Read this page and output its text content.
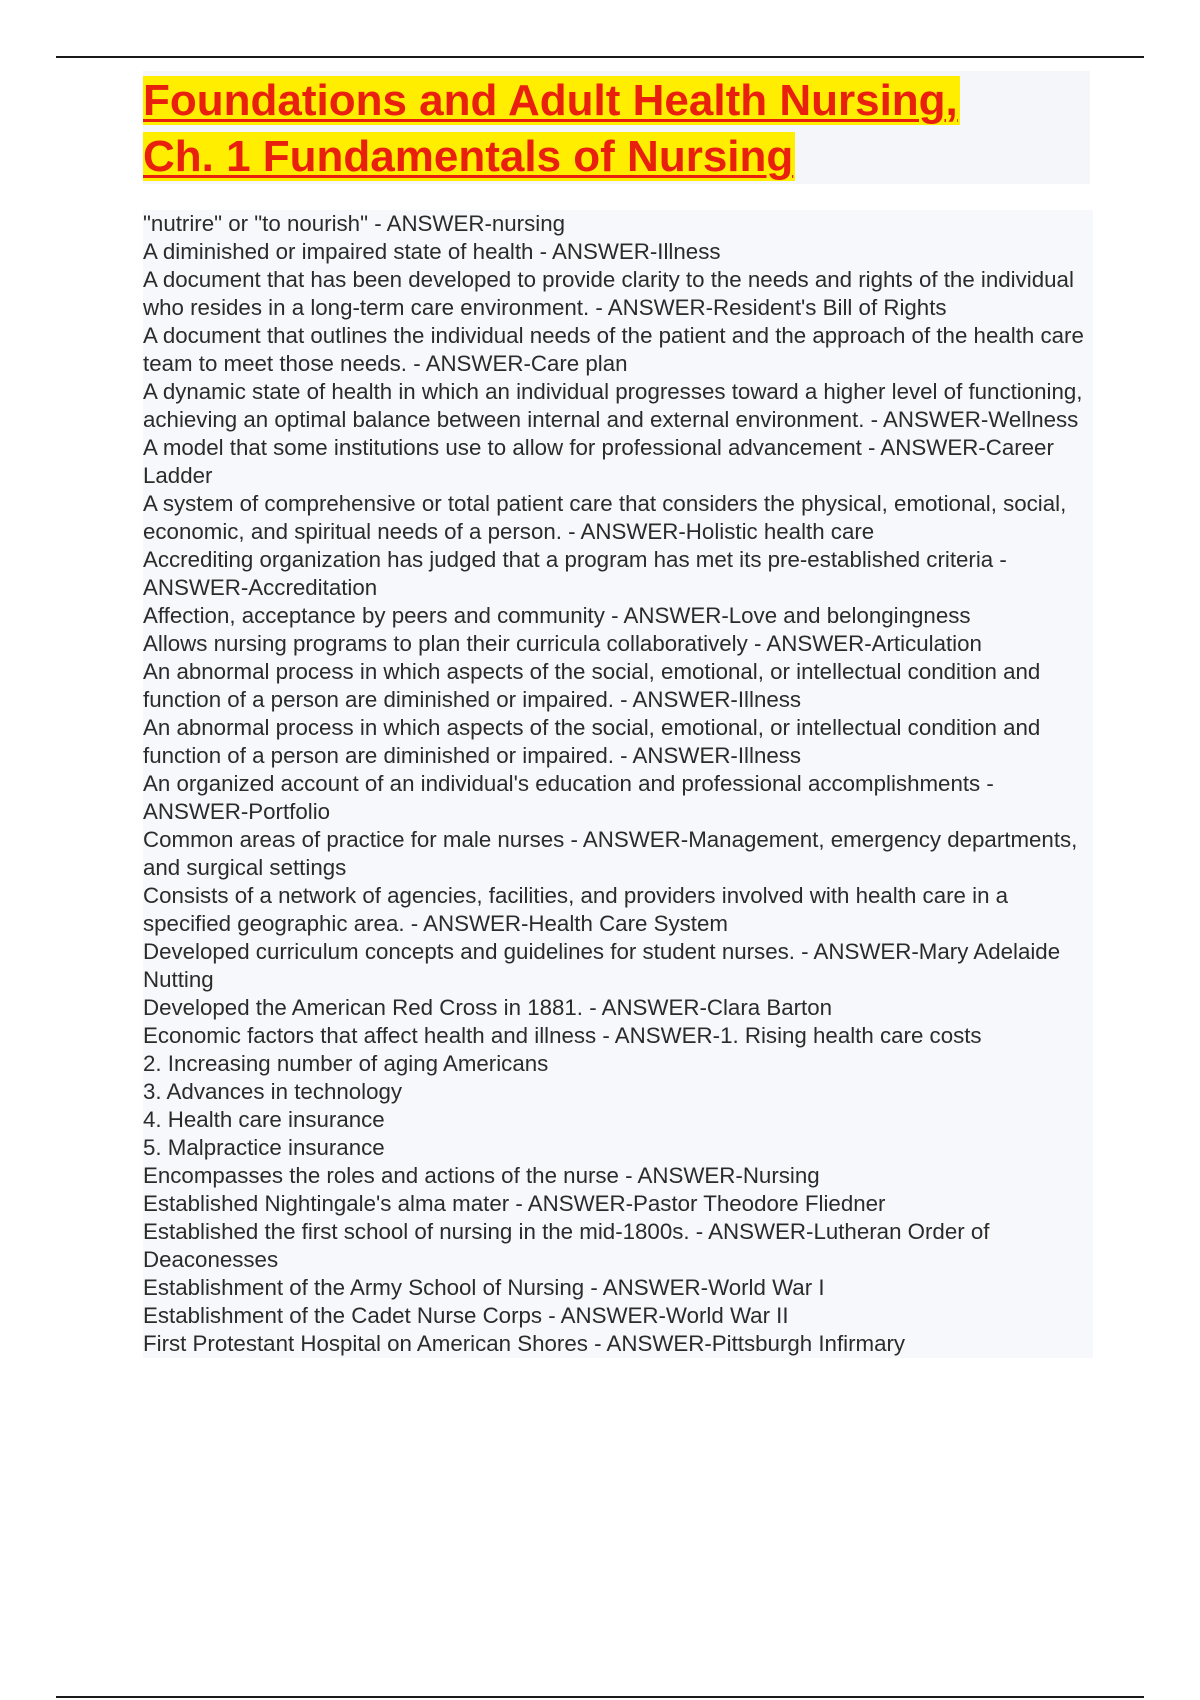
Foundations and Adult Health Nursing,
Ch. 1 Fundamentals of Nursing
"nutrire" or "to nourish" - ANSWER-nursing
A diminished or impaired state of health - ANSWER-Illness
A document that has been developed to provide clarity to the needs and rights of the individual who resides in a long-term care environment. - ANSWER-Resident's Bill of Rights
A document that outlines the individual needs of the patient and the approach of the health care team to meet those needs. - ANSWER-Care plan
A dynamic state of health in which an individual progresses toward a higher level of functioning, achieving an optimal balance between internal and external environment. - ANSWER-Wellness
A model that some institutions use to allow for professional advancement - ANSWER-Career Ladder
A system of comprehensive or total patient care that considers the physical, emotional, social, economic, and spiritual needs of a person. - ANSWER-Holistic health care
Accrediting organization has judged that a program has met its pre-established criteria - ANSWER-Accreditation
Affection, acceptance by peers and community - ANSWER-Love and belongingness
Allows nursing programs to plan their curricula collaboratively - ANSWER-Articulation
An abnormal process in which aspects of the social, emotional, or intellectual condition and function of a person are diminished or impaired. - ANSWER-Illness
An abnormal process in which aspects of the social, emotional, or intellectual condition and function of a person are diminished or impaired. - ANSWER-Illness
An organized account of an individual's education and professional accomplishments - ANSWER-Portfolio
Common areas of practice for male nurses - ANSWER-Management, emergency departments, and surgical settings
Consists of a network of agencies, facilities, and providers involved with health care in a specified geographic area. - ANSWER-Health Care System
Developed curriculum concepts and guidelines for student nurses. - ANSWER-Mary Adelaide Nutting
Developed the American Red Cross in 1881. - ANSWER-Clara Barton
Economic factors that affect health and illness - ANSWER-1. Rising health care costs
2. Increasing number of aging Americans
3. Advances in technology
4. Health care insurance
5. Malpractice insurance
Encompasses the roles and actions of the nurse - ANSWER-Nursing
Established Nightingale's alma mater - ANSWER-Pastor Theodore Fliedner
Established the first school of nursing in the mid-1800s. - ANSWER-Lutheran Order of Deaconesses
Establishment of the Army School of Nursing - ANSWER-World War I
Establishment of the Cadet Nurse Corps - ANSWER-World War II
First Protestant Hospital on American Shores - ANSWER-Pittsburgh Infirmary
